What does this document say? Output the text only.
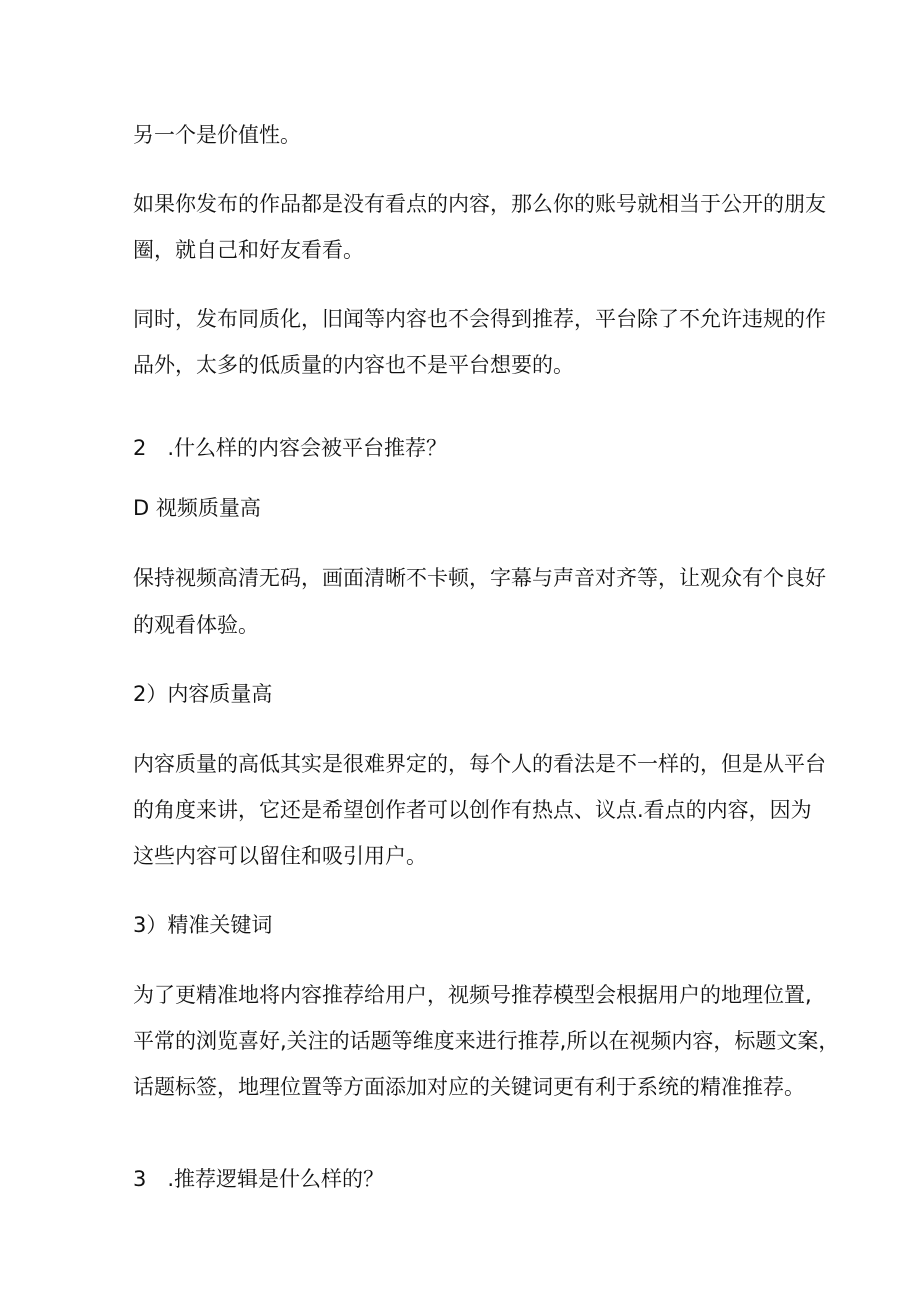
另一个是价值性。
如果你发布的作品都是没有看点的内容，那么你的账号就相当于公开的朋友
圈，就自己和好友看看。
同时，发布同质化，旧闻等内容也不会得到推荐，平台除了不允许违规的作
品外，太多的低质量的内容也不是平台想要的。
2　.什么样的内容会被平台推荐？
D 视频质量高
保持视频高清无码，画面清晰不卡顿，字幕与声音对齐等，让观众有个良好
的观看体验。
2）内容质量高
内容质量的高低其实是很难界定的，每个人的看法是不一样的，但是从平台
的角度来讲，它还是希望创作者可以创作有热点、议点.看点的内容，因为
这些内容可以留住和吸引用户。
3）精准关键词
为了更精准地将内容推荐给用户，视频号推荐模型会根据用户的地理位置,
平常的浏览喜好,关注的话题等维度来进行推荐,所以在视频内容，标题文案，
话题标签，地理位置等方面添加对应的关键词更有利于系统的精准推荐。
3　.推荐逻辑是什么样的？
